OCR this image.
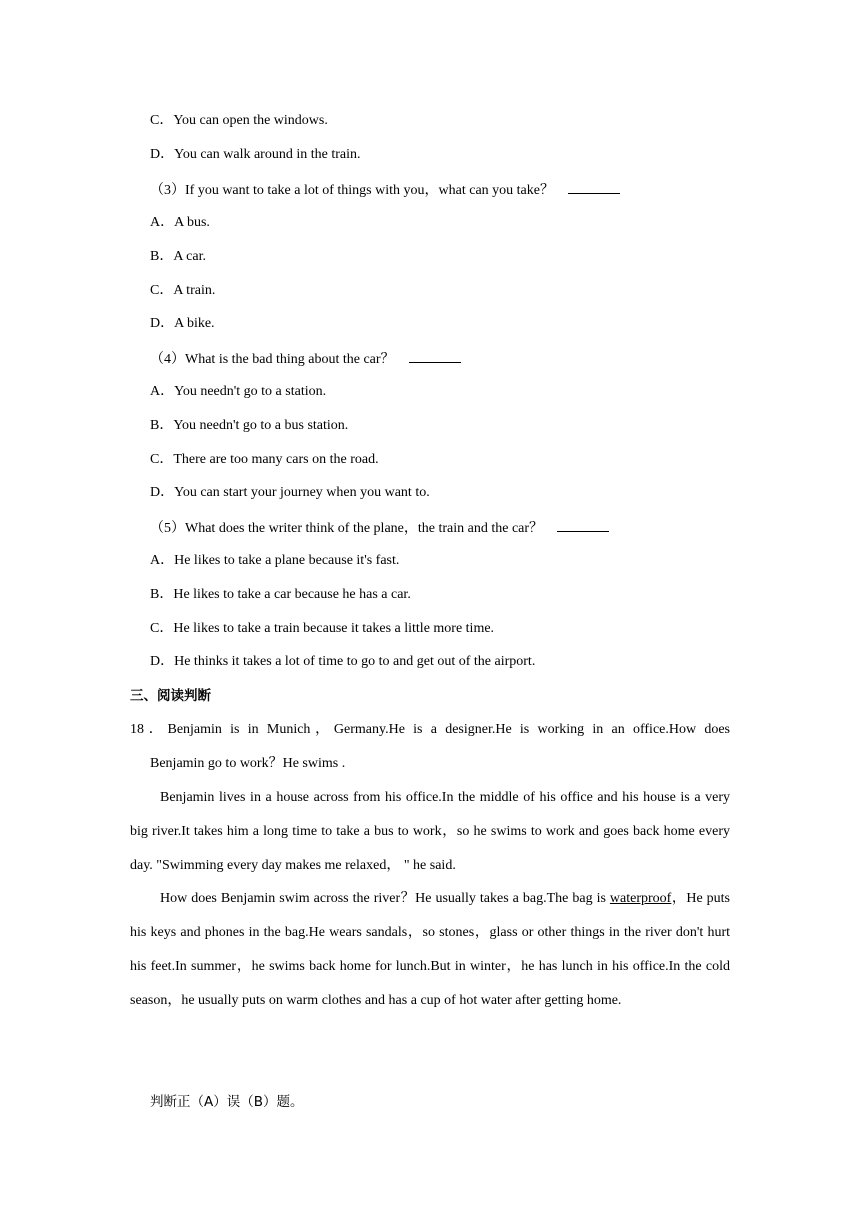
C．You can open the windows.
D．You can walk around in the train.
（3）If you want to take a lot of things with you，what can you take？
A．A bus.
B．A car.
C．A train.
D．A bike.
（4）What is the bad thing about the car？
A．You needn't go to a station.
B．You needn't go to a bus station.
C．There are too many cars on the road.
D．You can start your journey when you want to.
（5）What does the writer think of the plane，the train and the car？
A．He likes to take a plane because it's fast.
B．He likes to take a car because he has a car.
C．He likes to take a train because it takes a little more time.
D．He thinks it takes a lot of time to go to and get out of the airport.
三、阅读判断
18．Benjamin is in Munich，Germany.He is a designer.He is working in an office.How does
Benjamin go to work？He swims .
Benjamin lives in a house across from his office.In the middle of his office and his house is a very big river.It takes him a long time to take a bus to work，so he swims to work and goes back home every day. "Swimming every day makes me relaxed， " he said.
How does Benjamin swim across the river？He usually takes a bag.The bag is waterproof，He puts his keys and phones in the bag.He wears sandals，so stones，glass or other things in the river don't hurt his feet.In summer，he swims back home for lunch.But in winter，he has lunch in his office.In the cold season，he usually puts on warm clothes and has a cup of hot water after getting home.
判断正（A）误（B）题。
